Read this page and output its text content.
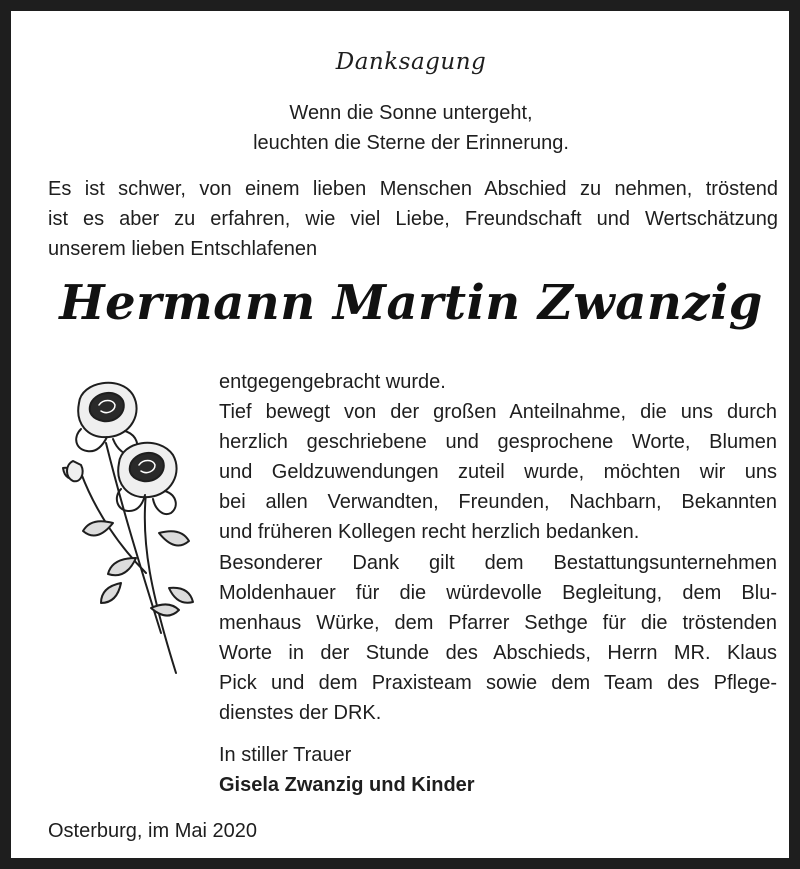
Danksagung
Wenn die Sonne untergeht,
leuchten die Sterne der Erinnerung.
Es ist schwer, von einem lieben Menschen Abschied zu nehmen, tröstend
ist es aber zu erfahren, wie viel Liebe, Freundschaft und Wertschätzung
unserem lieben Entschlafenen
Hermann Martin Zwanzig
entgegengebracht wurde.
Tief bewegt von der großen Anteilnahme, die uns durch
herzlich geschriebene und gesprochene Worte, Blumen
und Geldzuwendungen zuteil wurde, möchten wir uns
bei allen Verwandten, Freunden, Nachbarn, Bekannten
und früheren Kollegen recht herzlich bedanken.
Besonderer Dank gilt dem Bestattungsunternehmen
Moldenhauer für die würdevolle Begleitung, dem Blu-
menhaus Würke, dem Pfarrer Sethge für die tröstenden
Worte in der Stunde des Abschieds, Herrn MR. Klaus
Pick und dem Praxisteam sowie dem Team des Pflege-
dienstes der DRK.
In stiller Trauer
Gisela Zwanzig und Kinder
Osterburg, im Mai 2020
